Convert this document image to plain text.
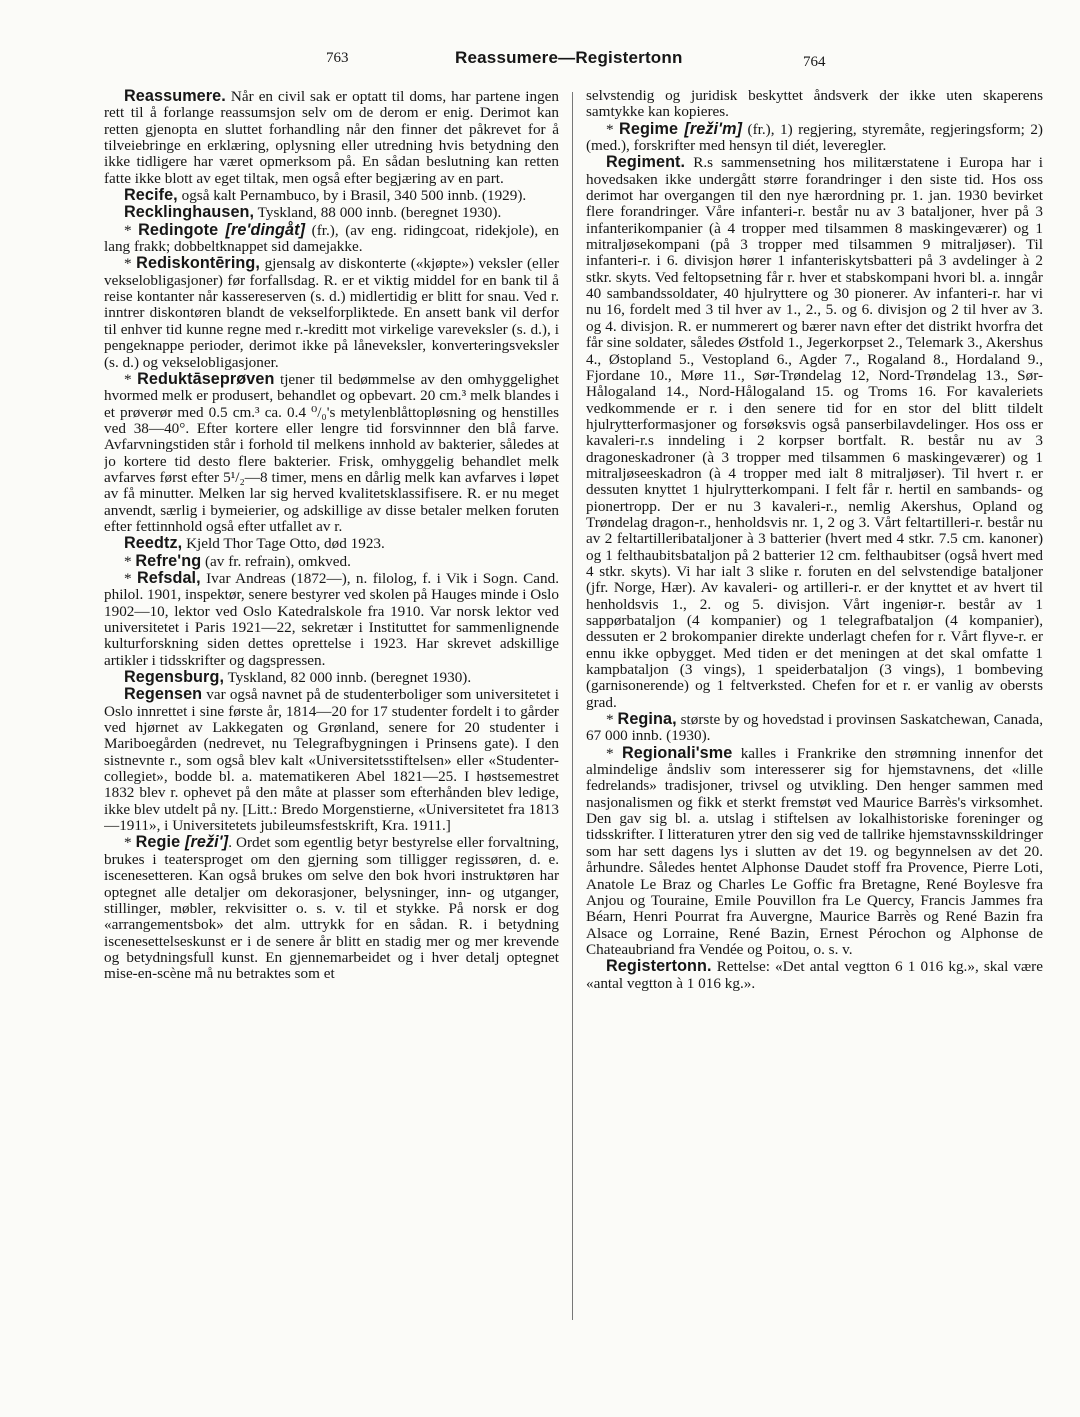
763	Reassumere—Registertonn	764

Reassumere. Når en civil sak er optatt til doms, har partene ingen rett til å forlange reassumsjon selv om de derom er enig. Derimot kan retten gjenopta en sluttet forhandling når den finner det påkrevet for å tilveiebringe en erklæring, oplysning eller utredning hvis betydning den ikke tidligere har været opmerksom på. En sådan beslutning kan retten fatte ikke blott av eget tiltak, men også efter begjæring av en part.

Recife, også kalt Pernambuco, by i Brasil, 340 500 innb. (1929).

Recklinghausen, Tyskland, 88 000 innb. (beregnet 1930).

* Redingote [re'dingåt] (fr.), (av eng. ridingcoat, ridekjole), en lang frakk; dobbeltknappet sid damejakke.

* Rediskontēring, gjensalg av diskonterte («kjøpte») veksler (eller vekselobligasjoner) før forfallsdag. R. er et viktig middel for en bank til å reise kontanter når kassereserven (s. d.) midlertidig er blitt for snau. Ved r. inntrer diskontøren blandt de vekselforpliktede. En ansett bank vil derfor til enhver tid kunne regne med r.-kreditt mot virkelige vareveksler (s. d.), i pengeknappe perioder, derimot ikke på låneveksler, konverteringsveksler (s. d.) og vekselobligasjoner.

* Reduktāseprøven tjener til bedømmelse av den omhyggelighet hvormed melk er produsert, behandlet og opbevart. 20 cm.³ melk blandes i et prøverør med 0.5 cm.³ ca. 0.4 ⁰/₀'s metylenblåttopløsning og henstilles ved 38—40°. Efter kortere eller lengre tid forsvinnner den blå farve. Avfarvningstiden står i forhold til melkens innhold av bakterier, således at jo kortere tid desto flere bakterier. Frisk, omhyggelig behandlet melk avfarves først efter 5¹/₂—8 timer, mens en dårlig melk kan avfarves i løpet av få minutter. Melken lar sig herved kvalitetsklassifisere. R. er nu meget anvendt, særlig i bymeierier, og adskillige av disse betaler melken foruten efter fettinnhold også efter utfallet av r.

Reedtz, Kjeld Thor Tage Otto, død 1923.

* Refre'ng (av fr. refrain), omkved.

* Refsdal, Ivar Andreas (1872—), n. filolog, f. i Vik i Sogn. Cand. philol. 1901, inspektør, senere bestyrer ved skolen på Hauges minde i Oslo 1902—10, lektor ved Oslo Katedralskole fra 1910. Var norsk lektor ved universitetet i Paris 1921—22, sekretær i Instituttet for sammenlignende kulturforskning siden dettes oprettelse i 1923. Har skrevet adskillige artikler i tidsskrifter og dagspressen.

Regensburg, Tyskland, 82 000 innb. (beregnet 1930).

Regensen var også navnet på de studenterboliger som universitetet i Oslo innrettet i sine første år, 1814—20 for 17 studenter fordelt i to gårder ved hjørnet av Lakkegaten og Grønland, senere for 20 studenter i Mariboegården (nedrevet, nu Telegrafbygningen i Prinsens gate). I den sistnevnte r., som også blev kalt «Universitetsstiftelsen» eller «Studenter-collegiet», bodde bl. a. matematikeren Abel 1821—25. I høstsemestret 1832 blev r. ophevet på den måte at plasser som efterhånden blev ledige, ikke blev utdelt på ny. [Litt.: Bredo Morgenstierne, «Universitetet fra 1813—1911», i Universitetets jubileumsfestskrift, Kra. 1911.]

* Regie [reži']. Ordet som egentlig betyr bestyrelse eller forvaltning, brukes i teatersproget om den gjerning som tilligger regissøren, d. e. iscenesetteren. Kan også brukes om selve den bok hvori instruktøren har optegnet alle detaljer om dekorasjoner, belysninger, inn- og utganger, stillinger, møbler, rekvisitter o. s. v. til et stykke. På norsk er dog «arrangementsbok» det alm. uttrykk for en sådan. R. i betydning iscenesettelseskunst er i de senere år blitt en stadig mer og mer krevende og betydningsfull kunst. En gjennemarbeidet og i hver detalj optegnet mise-en-scène må nu betraktes som et

selvstendig og juridisk beskyttet åndsverk der ikke uten skaperens samtykke kan kopieres.

* Regime [reži'm] (fr.), 1) regjering, styremåte, regjeringsform; 2) (med.), forskrifter med hensyn til diét, leveregler.

Regiment. R.s sammensetning hos militærstatene i Europa har i hovedsaken ikke undergått større forandringer i den siste tid. Hos oss derimot har overgangen til den nye hærordning pr. 1. jan. 1930 bevirket flere forandringer. Våre infanteri-r. består nu av 3 bataljoner, hver på 3 infanterikompanier (à 4 tropper med tilsammen 8 maskingeværer) og 1 mitraljøsekompani (på 3 tropper med tilsammen 9 mitraljøser). Til infanteri-r. i 6. divisjon hører 1 infanteriskytsbatteri på 3 avdelinger à 2 stkr. skyts. Ved feltopsetning får r. hver et stabskompani hvori bl. a. inngår 40 sambandssoldater, 40 hjulryttere og 30 pionerer. Av infanteri-r. har vi nu 16, fordelt med 3 til hver av 1., 2., 5. og 6. divisjon og 2 til hver av 3. og 4. divisjon. R. er nummerert og bærer navn efter det distrikt hvorfra det får sine soldater, således Østfold 1., Jegerkorpset 2., Telemark 3., Akershus 4., Østopland 5., Vestopland 6., Agder 7., Rogaland 8., Hordaland 9., Fjordane 10., Møre 11., Sør-Trøndelag 12, Nord-Trøndelag 13., Sør-Hålogaland 14., Nord-Hålogaland 15. og Troms 16. For kavaleriets vedkommende er r. i den senere tid for en stor del blitt tildelt hjulrytterformasjoner og forsøksvis også panserbilavdelinger. Hos oss er kavaleri-r.s inndeling i 2 korpser bortfalt. R. består nu av 3 dragoneskadroner (à 3 tropper med tilsammen 6 maskingeværer) og 1 mitraljøseeskadron (à 4 tropper med ialt 8 mitraljøser). Til hvert r. er dessuten knyttet 1 hjulrytterkompani. I felt får r. hertil en sambands- og pionertropp. Der er nu 3 kavaleri-r., nemlig Akershus, Opland og Trøndelag dragon-r., henholdsvis nr. 1, 2 og 3. Vårt feltartilleri-r. består nu av 2 feltartilleribataljoner à 3 batterier (hvert med 4 stkr. 7.5 cm. kanoner) og 1 felthaubitsbataljon på 2 batterier 12 cm. felthaubitser (også hvert med 4 stkr. skyts). Vi har ialt 3 slike r. foruten en del selvstendige bataljoner (jfr. Norge, Hær). Av kavaleri- og artilleri-r. er der knyttet et av hvert til henholdsvis 1., 2. og 5. divisjon. Vårt ingeniør-r. består av 1 sappørbataljon (4 kompanier) og 1 telegrafbataljon (4 kompanier), dessuten er 2 brokompanier direkte underlagt chefen for r. Vårt flyve-r. er ennu ikke opbygget. Med tiden er det meningen at det skal omfatte 1 kampbataljon (3 vings), 1 speiderbataljon (3 vings), 1 bombeving (garnisonerende) og 1 feltverksted. Chefen for et r. er vanlig av obersts grad.

* Regina, største by og hovedstad i provinsen Saskatchewan, Canada, 67 000 innb. (1930).

* Regionali'sme kalles i Frankrike den strømning innenfor det almindelige åndsliv som interesserer sig for hjemstavnens, det «lille fedrelands» tradisjoner, trivsel og utvikling. Den henger sammen med nasjonalismen og fikk et sterkt fremstøt ved Maurice Barrès's virksomhet. Den gav sig bl. a. utslag i stiftelsen av lokalhistoriske foreninger og tidsskrifter. I litteraturen ytrer den sig ved de tallrike hjemstavnsskildringer som har sett dagens lys i slutten av det 19. og begynnelsen av det 20. århundre. Således hentet Alphonse Daudet stoff fra Provence, Pierre Loti, Anatole Le Braz og Charles Le Goffic fra Bretagne, René Boylesve fra Anjou og Touraine, Emile Pouvillon fra Le Quercy, Francis Jammes fra Béarn, Henri Pourrat fra Auvergne, Maurice Barrès og René Bazin fra Alsace og Lorraine, René Bazin, Ernest Pérochon og Alphonse de Chateaubriand fra Vendée og Poitou, o. s. v.

Registertonn. Rettelse: «Det antal vegtton 6 1 016 kg.», skal være «antal vegtton à 1 016 kg.».
